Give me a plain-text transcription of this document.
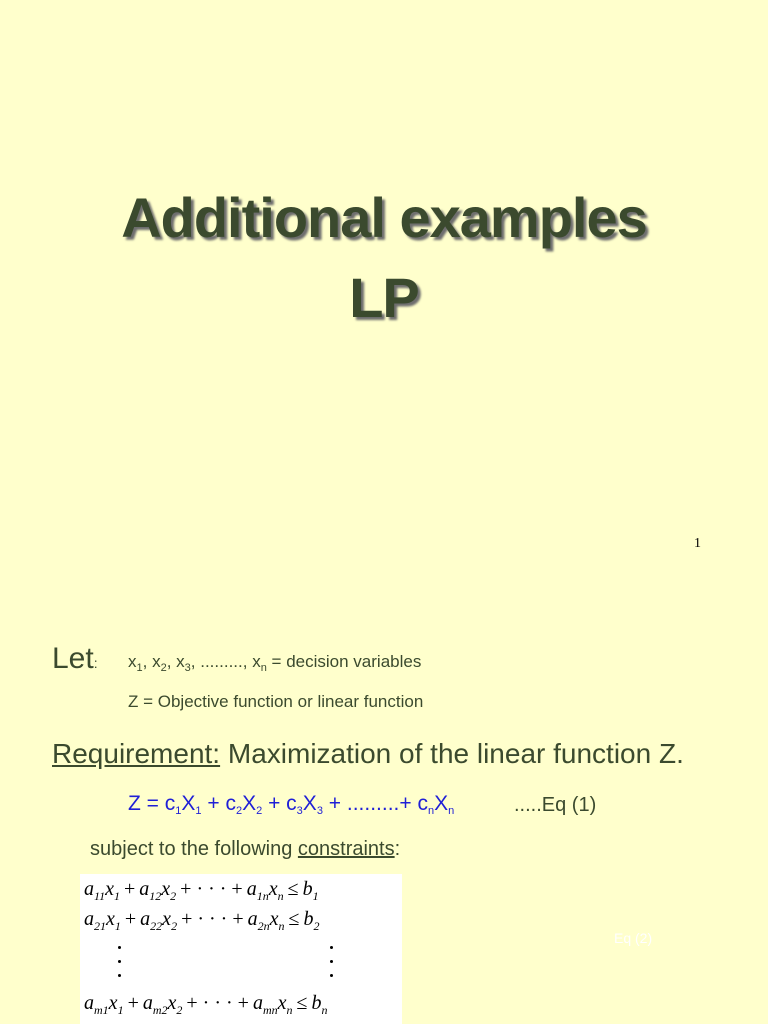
Additional examples
LP
1
Let: $x_1$, $x_2$, $x_3$, ........., $x_n$ = decision variables
Z = Objective function or linear function
Requirement: Maximization of the linear function Z.
$Z = c_1X_1 + c_2X_2 + c_3X_3$ + .........+ $c_nX_n$	.....Eq (1)
subject to the following constraints:
$a_{11}x_1 + a_{12}x_2$ + · · · + $a_{1n}x_n \le b_1$
$a_{21}x_1 + a_{22}x_2$ + · · · + $a_{2n}x_n \le b_2$
$a_{m1}x_1 + a_{m2}x_2$ + · · · + $a_{mn}x_n \le b_n$
Eq (2)
